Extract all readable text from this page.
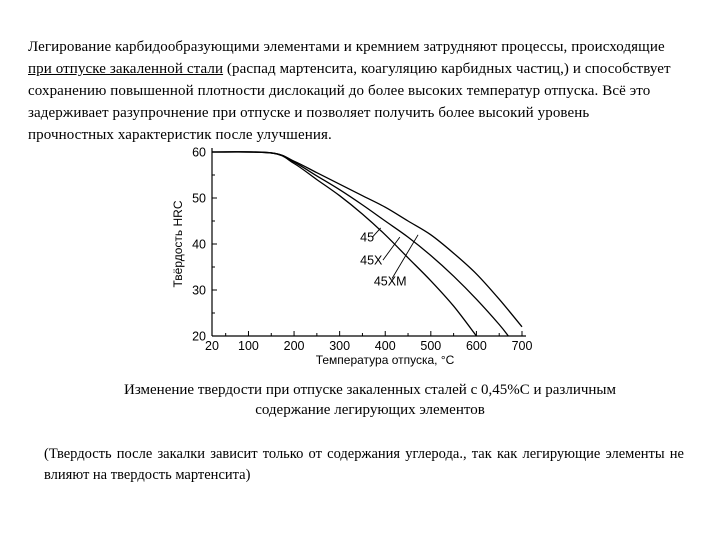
Легирование карбидообразующими элементами и кремнием затрудняют процессы, происходящие
при отпуске закаленной стали (распад мартенсита, коагуляцию карбидных частиц,) и способствует
сохранению повышенной плотности дислокаций до более высоких температур отпуска. Всё это
задерживает разупрочнение при отпуске и позволяет получить более высокий уровень
прочностных характеристик после улучшения.
20 100 200 300 400 500 600 700
60
50
40
30
20
Температура отпуска, °C
Твёрдость HRC	45
45X
45XM
Изменение твердости при отпуске закаленных сталей с 0,45%С и различным
содержание легирующих элементов
(Твердость после закалки зависит только от содержания углерода., так как легирующие элементы не влияют на твердость мартенсита)
